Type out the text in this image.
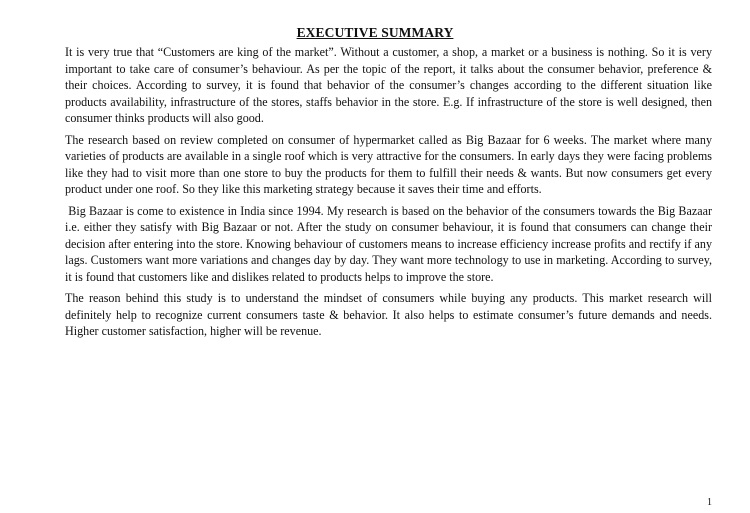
EXECUTIVE SUMMARY

It is very true that “Customers are king of the market”. Without a customer, a shop, a market or a business is nothing. So it is very important to take care of consumer’s behaviour. As per the topic of the report, it talks about the consumer behavior, preference & their choices. According to survey, it is found that behavior of the consumer’s changes according to the different situation like products availability, infrastructure of the stores, staffs behavior in the store. E.g. If infrastructure of the store is well designed, then consumer thinks products will also good.

The research based on review completed on consumer of hypermarket called as Big Bazaar for 6 weeks. The market where many varieties of products are available in a single roof which is very attractive for the consumers. In early days they were facing problems like they had to visit more than one store to buy the products for them to fulfill their needs & wants. But now consumers get every product under one roof. So they like this marketing strategy because it saves their time and efforts.

Big Bazaar is come to existence in India since 1994. My research is based on the behavior of the consumers towards the Big Bazaar i.e. either they satisfy with Big Bazaar or not. After the study on consumer behaviour, it is found that consumers can change their decision after entering into the store. Knowing behaviour of customers means to increase efficiency increase profits and rectify if any lags. Customers want more variations and changes day by day. They want more technology to use in marketing. According to survey, it is found that customers like and dislikes related to products helps to improve the store.

The reason behind this study is to understand the mindset of consumers while buying any products. This market research will definitely help to recognize current consumers taste & behavior. It also helps to estimate consumer’s future demands and needs. Higher customer satisfaction, higher will be revenue.

1
